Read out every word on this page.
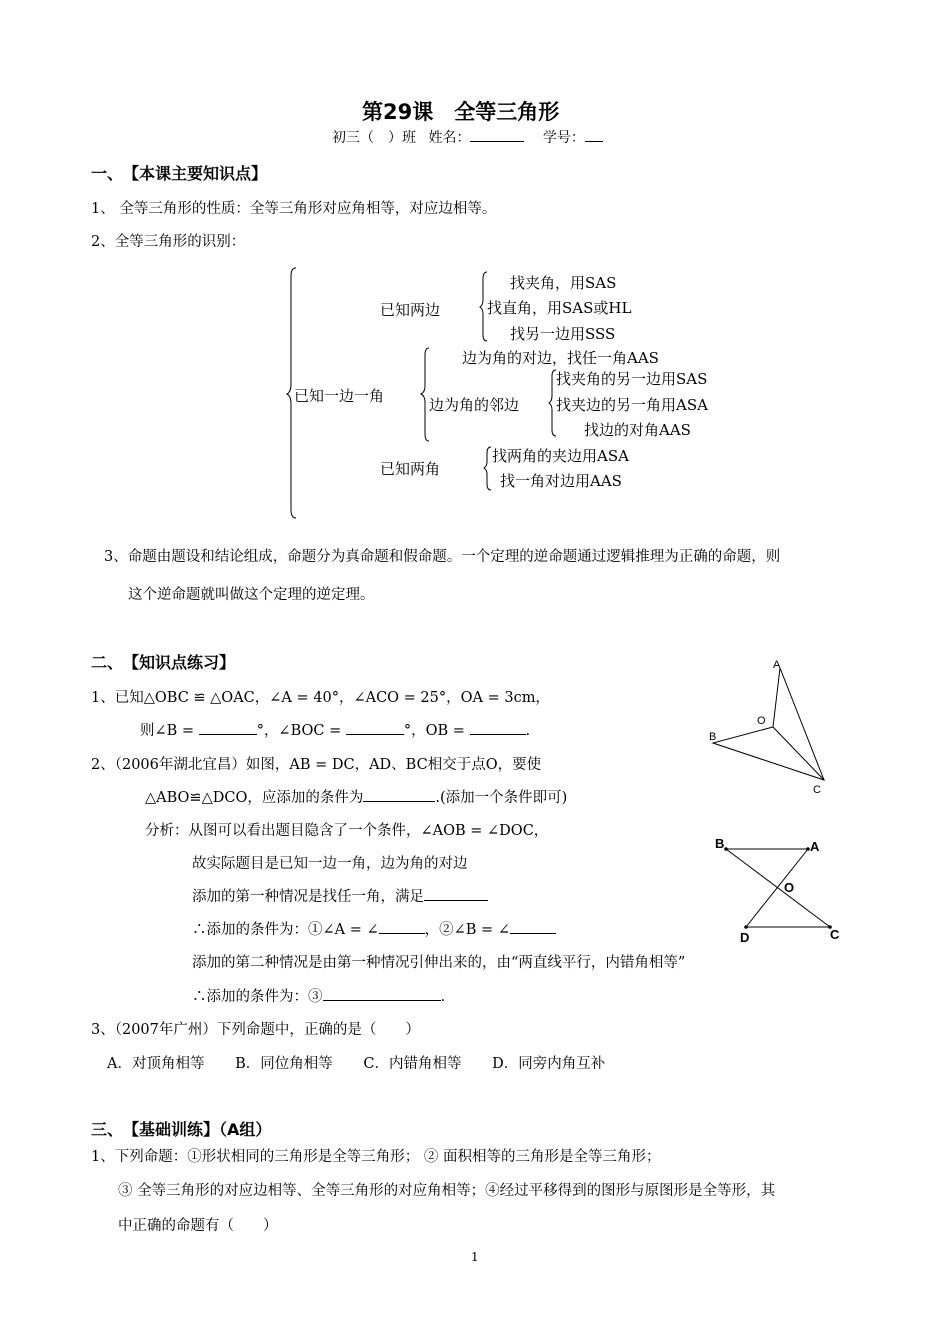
第29课　全等三角形
初三（　）班 姓名：	学号：
一、　【本课主要知识点】
1、 全等三角形的性质：全等三角形对应角相等，对应边相等。
2、全等三角形的识别：
已知两边
找夹角，用SAS
找直角，用SAS或HL
找另一边用SSS
已知一边一角
边为角的对边，找任一角AAS
边为角的邻边
找夹角的另一边用SAS
找夹边的另一角用ASA
找边的对角AAS
已知两角
找两角的夹边用ASA
找一角对边用AAS
3、命题由题设和结论组成，命题分为真命题和假命题。一个定理的逆命题通过逻辑推理为正确的命题，则
这个逆命题就叫做这个定理的逆定理。
二、　【知识点练习】
1、已知△OBC ≌ △OAC，∠A = 40°，∠ACO = 25°，OA = 3cm，
则∠B =	°，∠BOC =	°，OB =	.
2、（2006年湖北宜昌）如图，AB = DC，AD、BC相交于点O，要使
△ABO≌△DCO，应添加的条件为	.(添加一个条件即可)
分析：从图可以看出题目隐含了一个条件，∠AOB = ∠DOC，
故实际题目是已知一边一角，边为角的对边
添加的第一种情况是找任一角，满足
∴添加的条件为：①∠A = ∠	，②∠B = ∠
添加的第二种情况是由第一种情况引伸出来的，由“两直线平行，内错角相等”
∴添加的条件为：③	.
3、（2007年广州）下列命题中，正确的是（　　）
A．对顶角相等 B．同位角相等 C．内错角相等 D．同旁内角互补
A
O
B
C
B	A
O
D	C
三、　【基础训练】（A组）
1、下列命题：①形状相同的三角形是全等三角形； ② 面积相等的三角形是全等三角形；
③ 全等三角形的对应边相等、全等三角形的对应角相等；④经过平移得到的图形与原图形是全等形，其
中正确的命题有（　　）
1
